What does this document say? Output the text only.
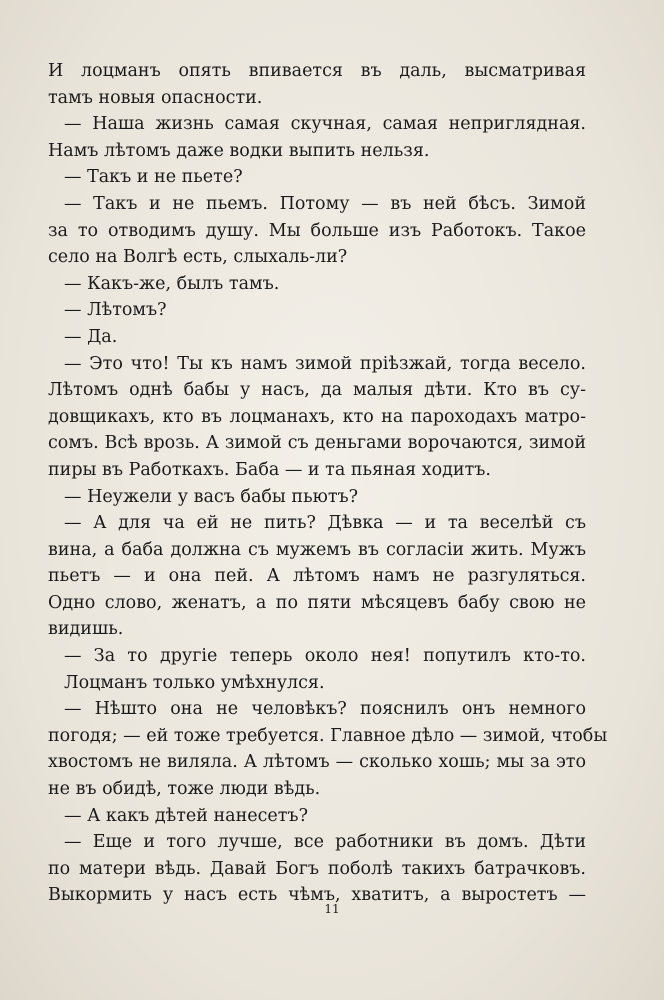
И лоцманъ опять впивается въ даль, высматривая
тамъ новыя опасности.
— Наша жизнь самая скучная, самая неприглядная.
Намъ лѣтомъ даже водки выпить нельзя.
— Такъ и не пьете?
— Такъ и не пьемъ. Потому — въ ней бѣсъ. Зимой
за то отводимъ душу. Мы больше изъ Работокъ. Такое
село на Волгѣ есть, слыхаль-ли?
— Какъ-же, былъ тамъ.
— Лѣтомъ?
— Да.
— Это что! Ты къ намъ зимой прiѣзжай, тогда весело.
Лѣтомъ однѣ бабы у насъ, да малыя дѣти. Кто въ су-
довщикахъ, кто въ лоцманахъ, кто на пароходахъ матро-
сомъ. Всѣ врозь. А зимой съ деньгами ворочаются, зимой
пиры въ Работкахъ. Баба — и та пьяная ходитъ.
— Неужели у васъ бабы пьютъ?
— А для ча ей не пить? Дѣвка — и та веселѣй съ
вина, а баба должна съ мужемъ въ согласiи жить. Мужъ
пьетъ — и она пей. А лѣтомъ намъ не разгуляться.
Одно слово, женатъ, а по пяти мѣсяцевъ бабу свою не
видишь.
— За то другiе теперь около нея! попутилъ кто-то.
Лоцманъ только умѣхнулся.
— Нѣшто она не человѣкъ? пояснилъ онъ немного
погодя; — ей тоже требуется. Главное дѣло — зимой, чтобы
хвостомъ не виляла. А лѣтомъ — сколько хошь; мы за это
не въ обидѣ, тоже люди вѣдь.
— А какъ дѣтей нанесетъ?
— Еще и того лучше, все работники въ домъ. Дѣти
по матери вѣдь. Давай Богъ поболѣ такихъ батрачковъ.
Выкормить у насъ есть чѣмъ, хватитъ, а выростетъ —
11
